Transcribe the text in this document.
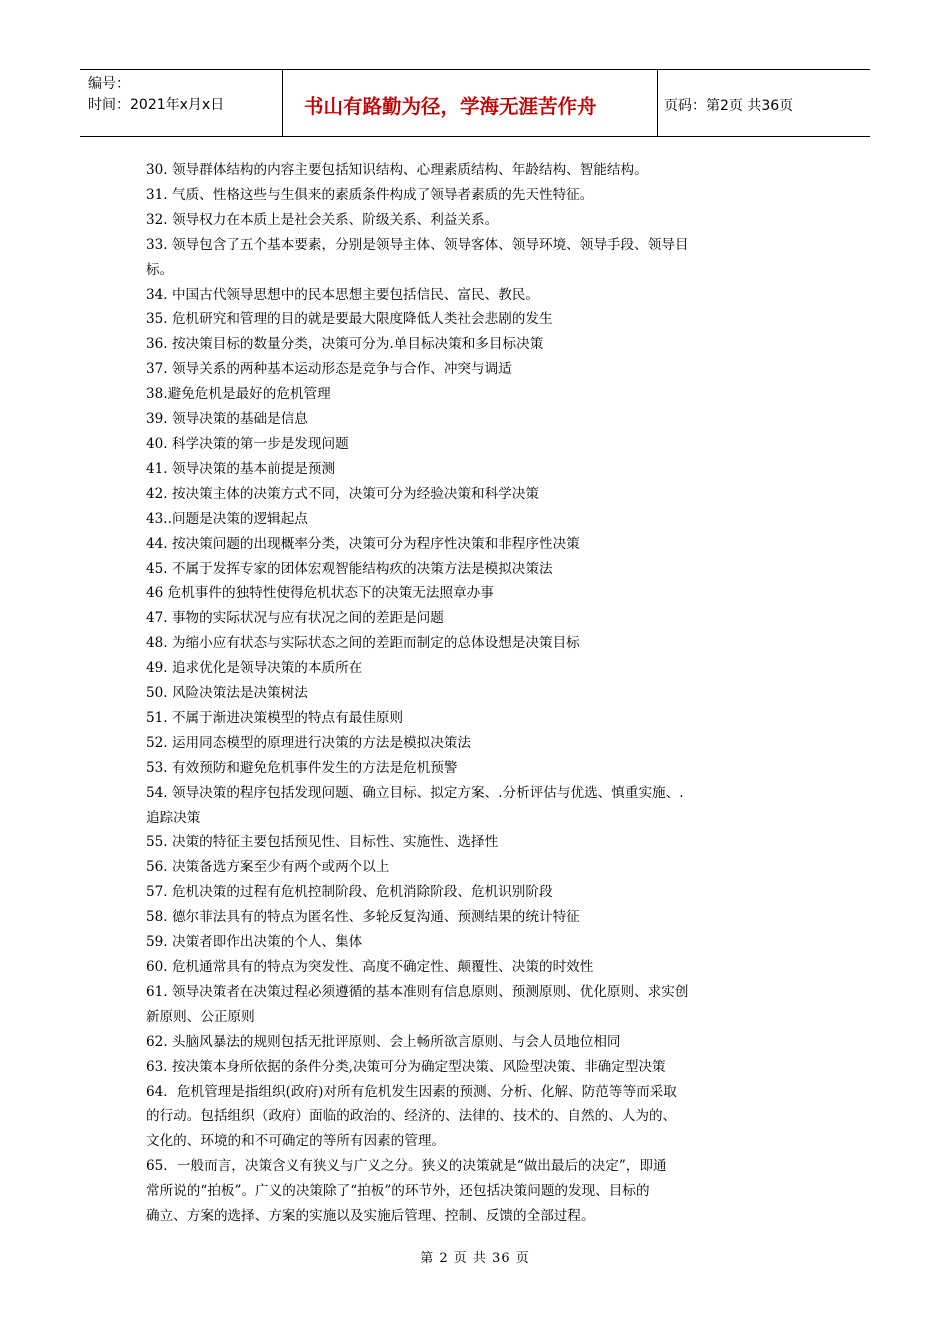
编号：
时间：2021年x月x日	书山有路勤为径，学海无涯苦作舟	页码：第2页 共36页
30. 领导群体结构的内容主要包括知识结构、心理素质结构、年龄结构、智能结构。
31. 气质、性格这些与生俱来的素质条件构成了领导者素质的先天性特征。
32. 领导权力在本质上是社会关系、阶级关系、利益关系。
33. 领导包含了五个基本要素，分别是领导主体、领导客体、领导环境、领导手段、领导目
标。
34. 中国古代领导思想中的民本思想主要包括信民、富民、教民。
35. 危机研究和管理的目的就是要最大限度降低人类社会悲剧的发生
36. 按决策目标的数量分类，决策可分为.单目标决策和多目标决策
37. 领导关系的两种基本运动形态是竞争与合作、冲突与调适
38.避免危机是最好的危机管理
39. 领导决策的基础是信息
40. 科学决策的第一步是发现问题
41. 领导决策的基本前提是预测
42. 按决策主体的决策方式不同，决策可分为经验决策和科学决策
43..问题是决策的逻辑起点
44. 按决策问题的出现概率分类，决策可分为程序性决策和非程序性决策
45. 不属于发挥专家的团体宏观智能结构疚的决策方法是模拟决策法
46 危机事件的独特性使得危机状态下的决策无法照章办事
47. 事物的实际状况与应有状况之间的差距是问题
48. 为缩小应有状态与实际状态之间的差距而制定的总体设想是决策目标
49. 追求优化是领导决策的本质所在
50. 风险决策法是决策树法
51. 不属于渐进决策模型的特点有最佳原则
52. 运用同态模型的原理进行决策的方法是模拟决策法
53. 有效预防和避免危机事件发生的方法是危机预警
54. 领导决策的程序包括发现问题、确立目标、拟定方案、.分析评估与优选、慎重实施、.
追踪决策
55. 决策的特征主要包括预见性、目标性、实施性、选择性
56. 决策备选方案至少有两个或两个以上
57. 危机决策的过程有危机控制阶段、危机消除阶段、危机识别阶段
58. 德尔菲法具有的特点为匿名性、多轮反复沟通、预测结果的统计特征
59. 决策者即作出决策的个人、集体
60. 危机通常具有的特点为突发性、高度不确定性、颠覆性、决策的时效性
61. 领导决策者在决策过程必须遵循的基本准则有信息原则、预测原则、优化原则、求实创
新原则、公正原则
62. 头脑风暴法的规则包括无批评原则、会上畅所欲言原则、与会人员地位相同
63. 按决策本身所依据的条件分类,决策可分为确定型决策、风险型决策、非确定型决策
64．危机管理是指组织(政府)对所有危机发生因素的预测、分析、化解、防范等等而采取
的行动。包括组织（政府）面临的政治的、经济的、法律的、技术的、自然的、人为的、
文化的、环境的和不可确定的等所有因素的管理。
65．一般而言，决策含义有狭义与广义之分。狭义的决策就是“做出最后的决定”，即通
常所说的“拍板”。广义的决策除了“拍板”的环节外，还包括决策问题的发现、目标的
确立、方案的选择、方案的实施以及实施后管理、控制、反馈的全部过程。
第 2 页 共 36 页
